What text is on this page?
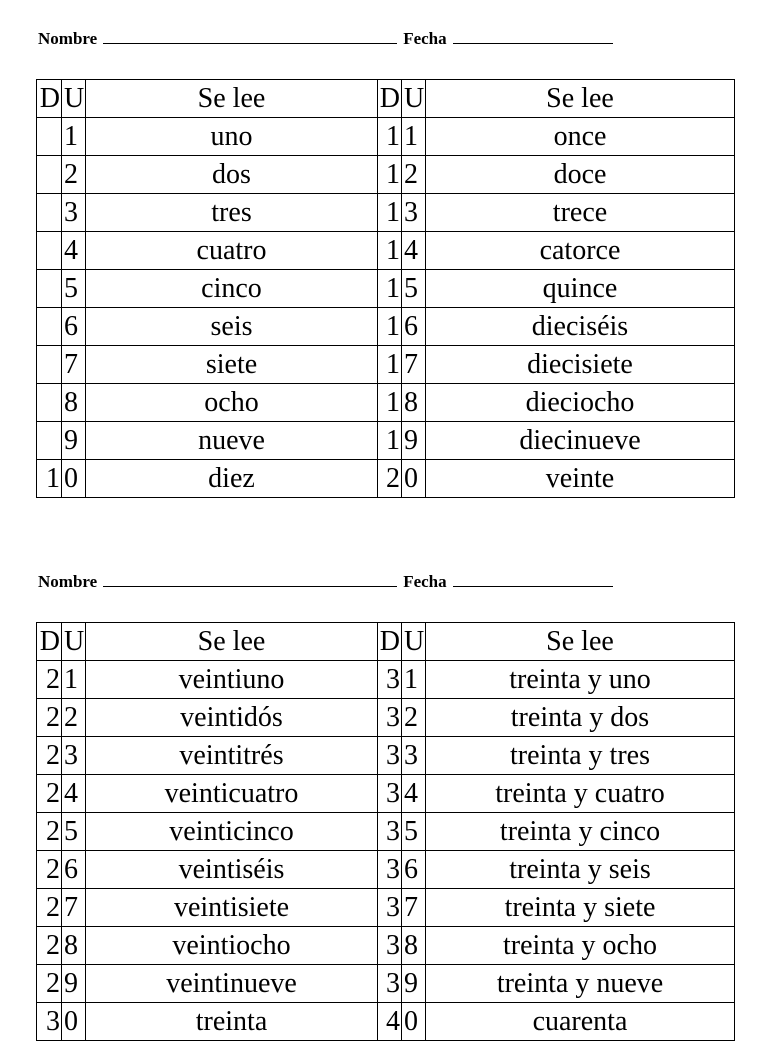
Nombre	Fecha
D	U	Se lee	D	U	Se lee
	1	uno	1	1	once
	2	dos	1	2	doce
	3	tres	1	3	trece
	4	cuatro	1	4	catorce
	5	cinco	1	5	quince
	6	seis	1	6	dieciséis
	7	siete	1	7	diecisiete
	8	ocho	1	8	dieciocho
	9	nueve	1	9	diecinueve
1	0	diez	2	0	veinte
Nombre	Fecha
D	U	Se lee	D	U	Se lee
2	1	veintiuno	3	1	treinta y uno
2	2	veintidós	3	2	treinta y dos
2	3	veintitrés	3	3	treinta y tres
2	4	veinticuatro	3	4	treinta y cuatro
2	5	veinticinco	3	5	treinta y cinco
2	6	veintiséis	3	6	treinta y seis
2	7	veintisiete	3	7	treinta y siete
2	8	veintiocho	3	8	treinta y ocho
2	9	veintinueve	3	9	treinta y nueve
3	0	treinta	4	0	cuarenta
